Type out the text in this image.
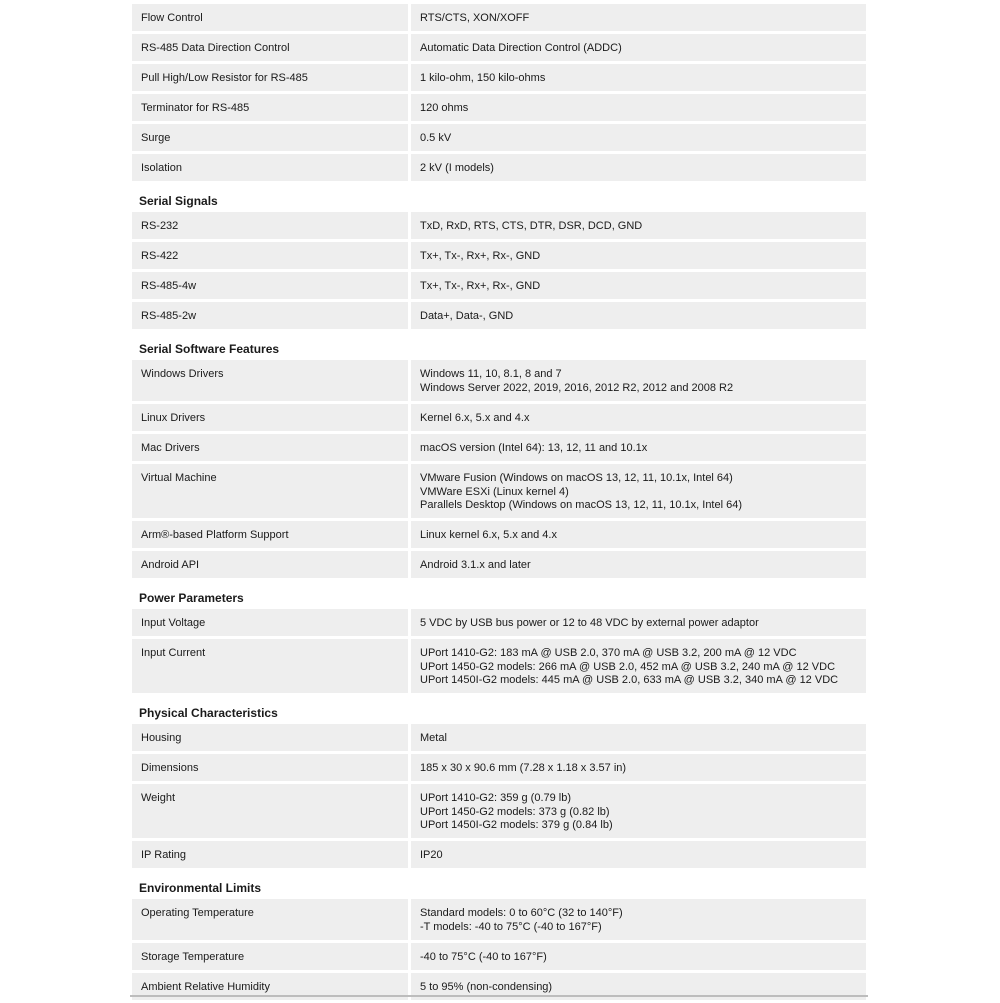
Flow Control	RTS/CTS, XON/XOFF
RS-485 Data Direction Control	Automatic Data Direction Control (ADDC)
Pull High/Low Resistor for RS-485	1 kilo-ohm, 150 kilo-ohms
Terminator for RS-485	120 ohms
Surge	0.5 kV
Isolation	2 kV (I models)
Serial Signals
RS-232	TxD, RxD, RTS, CTS, DTR, DSR, DCD, GND
RS-422	Tx+, Tx-, Rx+, Rx-, GND
RS-485-4w	Tx+, Tx-, Rx+, Rx-, GND
RS-485-2w	Data+, Data-, GND
Serial Software Features
Windows Drivers	Windows 11, 10, 8.1, 8 and 7
Windows Server 2022, 2019, 2016, 2012 R2, 2012 and 2008 R2
Linux Drivers	Kernel 6.x, 5.x and 4.x
Mac Drivers	macOS version (Intel 64): 13, 12, 11 and 10.1x
Virtual Machine	VMware Fusion (Windows on macOS 13, 12, 11, 10.1x, Intel 64)
VMWare ESXi (Linux kernel 4)
Parallels Desktop (Windows on macOS 13, 12, 11, 10.1x, Intel 64)
Arm®-based Platform Support	Linux kernel 6.x, 5.x and 4.x
Android API	Android 3.1.x and later
Power Parameters
Input Voltage	5 VDC by USB bus power or 12 to 48 VDC by external power adaptor
Input Current	UPort 1410-G2: 183 mA @ USB 2.0, 370 mA @ USB 3.2, 200 mA @ 12 VDC
UPort 1450-G2 models: 266 mA @ USB 2.0, 452 mA @ USB 3.2, 240 mA @ 12 VDC
UPort 1450I-G2 models: 445 mA @ USB 2.0, 633 mA @ USB 3.2, 340 mA @ 12 VDC
Physical Characteristics
Housing	Metal
Dimensions	185 x 30 x 90.6 mm (7.28 x 1.18 x 3.57 in)
Weight	UPort 1410-G2: 359 g (0.79 lb)
UPort 1450-G2 models: 373 g (0.82 lb)
UPort 1450I-G2 models: 379 g (0.84 lb)
IP Rating	IP20
Environmental Limits
Operating Temperature	Standard models: 0 to 60°C (32 to 140°F)
-T models: -40 to 75°C (-40 to 167°F)
Storage Temperature	-40 to 75°C (-40 to 167°F)
Ambient Relative Humidity	5 to 95% (non-condensing)
